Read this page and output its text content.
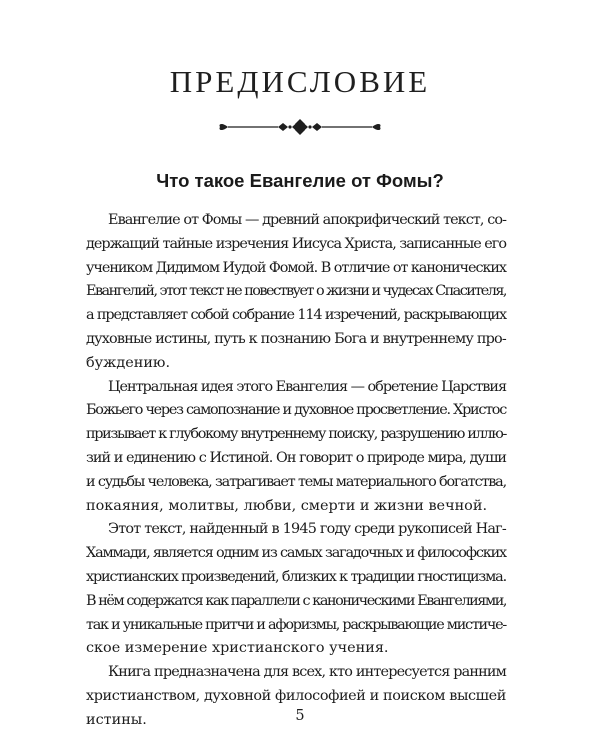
ПРЕДИСЛОВИЕ
Что такое Евангелие от Фомы?

Евангелие от Фомы — древний апокрифический текст, со-
держащий тайные изречения Иисуса Христа, записанные его
учеником Дидимом Иудой Фомой. В отличие от канонических
Евангелий, этот текст не повествует о жизни и чудесах Спасителя,
а представляет собой собрание 114 изречений, раскрывающих
духовные истины, путь к познанию Бога и внутреннему про-
буждению.

Центральная идея этого Евангелия — обретение Царствия
Божьего через самопознание и духовное просветление. Христос
призывает к глубокому внутреннему поиску, разрушению иллю-
зий и единению с Истиной. Он говорит о природе мира, души
и судьбы человека, затрагивает темы материального богатства,
покаяния, молитвы, любви, смерти и жизни вечной.

Этот текст, найденный в 1945 году среди рукописей Наг-
Хаммади, является одним из самых загадочных и философских
христианских произведений, близких к традиции гностицизма.
В нём содержатся как параллели с каноническими Евангелиями,
так и уникальные притчи и афоризмы, раскрывающие мистиче-
ское измерение христианского учения.

Книга предназначена для всех, кто интересуется ранним
христианством, духовной философией и поиском высшей
истины.	5
